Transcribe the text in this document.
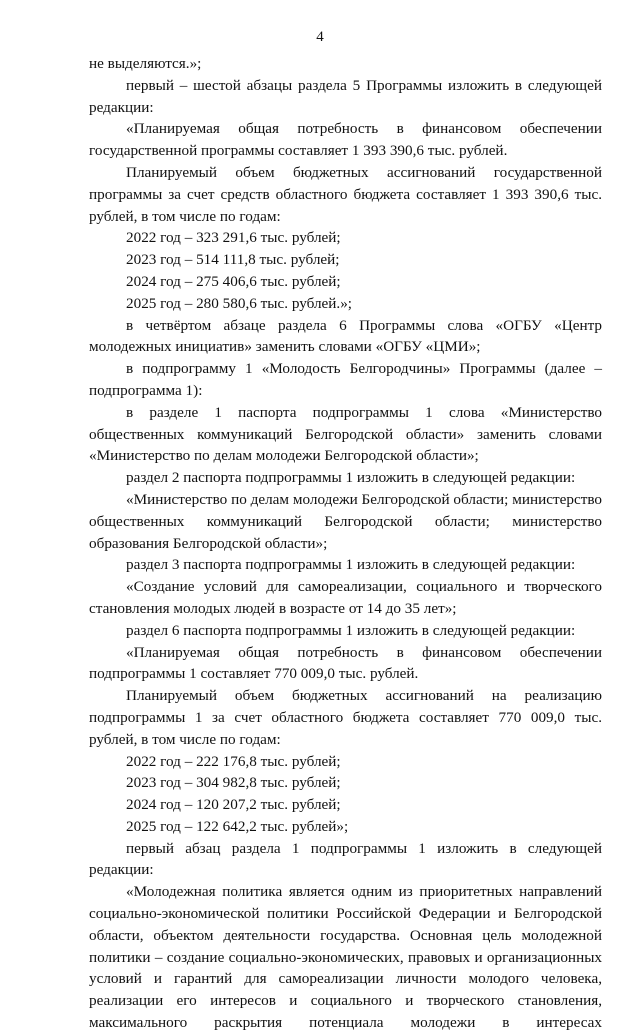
4

не выделяются.»;

первый – шестой абзацы раздела 5 Программы изложить в следующей редакции:

«Планируемая общая потребность в финансовом обеспечении государственной программы составляет 1 393 390,6 тыс. рублей.

Планируемый объем бюджетных ассигнований государственной программы за счет средств областного бюджета составляет 1 393 390,6 тыс. рублей, в том числе по годам:

2022 год – 323 291,6 тыс. рублей;

2023 год – 514 111,8 тыс. рублей;

2024 год – 275 406,6 тыс. рублей;

2025 год – 280 580,6 тыс. рублей.»;

в четвёртом абзаце раздела 6 Программы слова «ОГБУ «Центр молодежных инициатив» заменить словами «ОГБУ «ЦМИ»;

в подпрограмму 1 «Молодость Белгородчины» Программы (далее – подпрограмма 1):

в разделе 1 паспорта подпрограммы 1 слова «Министерство общественных коммуникаций Белгородской области» заменить словами «Министерство по делам молодежи Белгородской области»;

раздел 2 паспорта подпрограммы 1 изложить в следующей редакции:

«Министерство по делам молодежи Белгородской области; министерство общественных коммуникаций Белгородской области; министерство образования Белгородской области»;

раздел 3 паспорта подпрограммы 1 изложить в следующей редакции:

«Создание условий для самореализации, социального и творческого становления молодых людей в возрасте от 14 до 35 лет»;

раздел 6 паспорта подпрограммы 1 изложить в следующей редакции:

«Планируемая общая потребность в финансовом обеспечении подпрограммы 1 составляет 770 009,0 тыс. рублей.

Планируемый объем бюджетных ассигнований на реализацию подпрограммы 1 за счет областного бюджета составляет 770 009,0 тыс. рублей, в том числе по годам:

2022 год – 222 176,8 тыс. рублей;

2023 год – 304 982,8 тыс. рублей;

2024 год – 120 207,2 тыс. рублей;

2025 год – 122 642,2 тыс. рублей»;

первый абзац раздела 1 подпрограммы 1 изложить в следующей редакции:

«Молодежная политика является одним из приоритетных направлений социально-экономической политики Российской Федерации и Белгородской области, объектом деятельности государства. Основная цель молодежной политики – создание социально-экономических, правовых и организационных условий и гарантий для самореализации личности молодого человека, реализации его интересов и социального и творческого становления, максимального раскрытия потенциала молодежи в интересах
